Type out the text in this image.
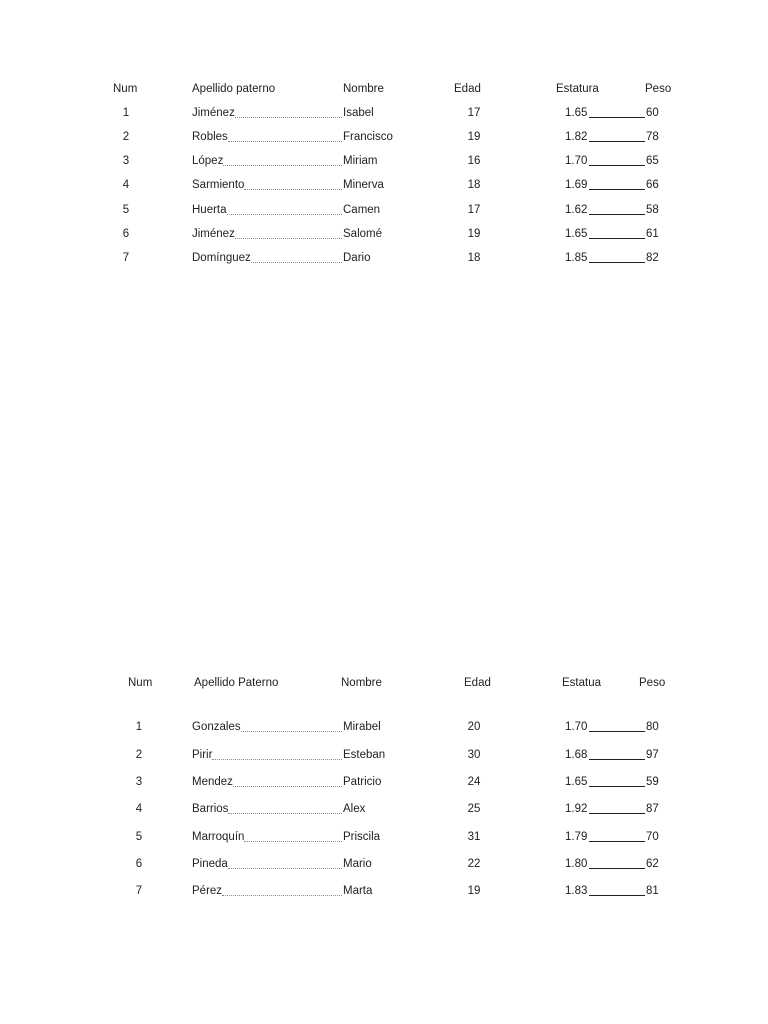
Num	Apellido paterno	Nombre	Edad	Estatura	Peso
1	Jiménez	Isabel	17	1.65	60
2	Robles	Francisco	19	1.82	78
3	López	Miriam	16	1.70	65
4	Sarmiento	Minerva	18	1.69	66
5	Huerta	Camen	17	1.62	58
6	Jiménez	Salomé	19	1.65	61
7	Domínguez	Dario	18	1.85	82
Num	Apellido Paterno	Nombre	Edad	Estatua	Peso
1	Gonzales	Mirabel	20	1.70	80
2	Pirir	Esteban	30	1.68	97
3	Mendez	Patricio	24	1.65	59
4	Barrios	Alex	25	1.92	87
5	Marroquín	Priscila	31	1.79	70
6	Pineda	Mario	22	1.80	62
7	Pérez	Marta	19	1.83	81
